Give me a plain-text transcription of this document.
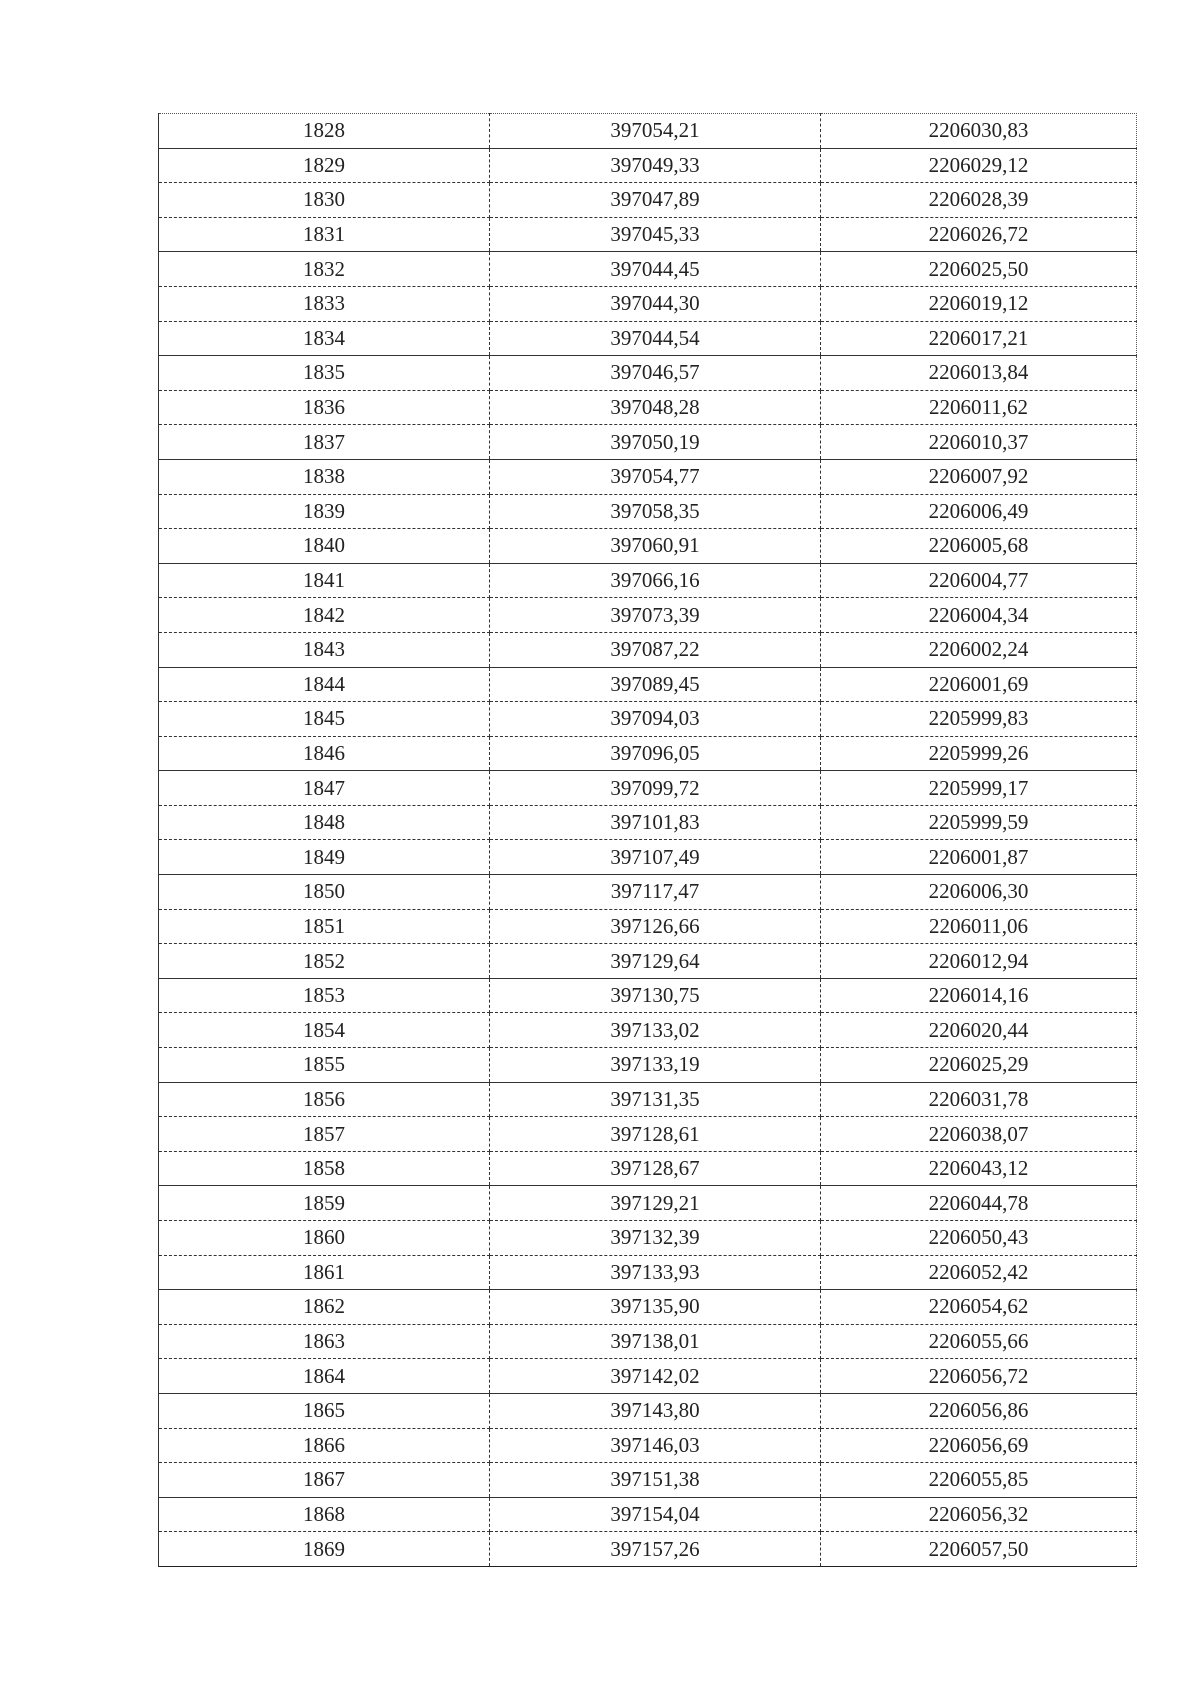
1828	397054,21	2206030,83
1829	397049,33	2206029,12
1830	397047,89	2206028,39
1831	397045,33	2206026,72
1832	397044,45	2206025,50
1833	397044,30	2206019,12
1834	397044,54	2206017,21
1835	397046,57	2206013,84
1836	397048,28	2206011,62
1837	397050,19	2206010,37
1838	397054,77	2206007,92
1839	397058,35	2206006,49
1840	397060,91	2206005,68
1841	397066,16	2206004,77
1842	397073,39	2206004,34
1843	397087,22	2206002,24
1844	397089,45	2206001,69
1845	397094,03	2205999,83
1846	397096,05	2205999,26
1847	397099,72	2205999,17
1848	397101,83	2205999,59
1849	397107,49	2206001,87
1850	397117,47	2206006,30
1851	397126,66	2206011,06
1852	397129,64	2206012,94
1853	397130,75	2206014,16
1854	397133,02	2206020,44
1855	397133,19	2206025,29
1856	397131,35	2206031,78
1857	397128,61	2206038,07
1858	397128,67	2206043,12
1859	397129,21	2206044,78
1860	397132,39	2206050,43
1861	397133,93	2206052,42
1862	397135,90	2206054,62
1863	397138,01	2206055,66
1864	397142,02	2206056,72
1865	397143,80	2206056,86
1866	397146,03	2206056,69
1867	397151,38	2206055,85
1868	397154,04	2206056,32
1869	397157,26	2206057,50
